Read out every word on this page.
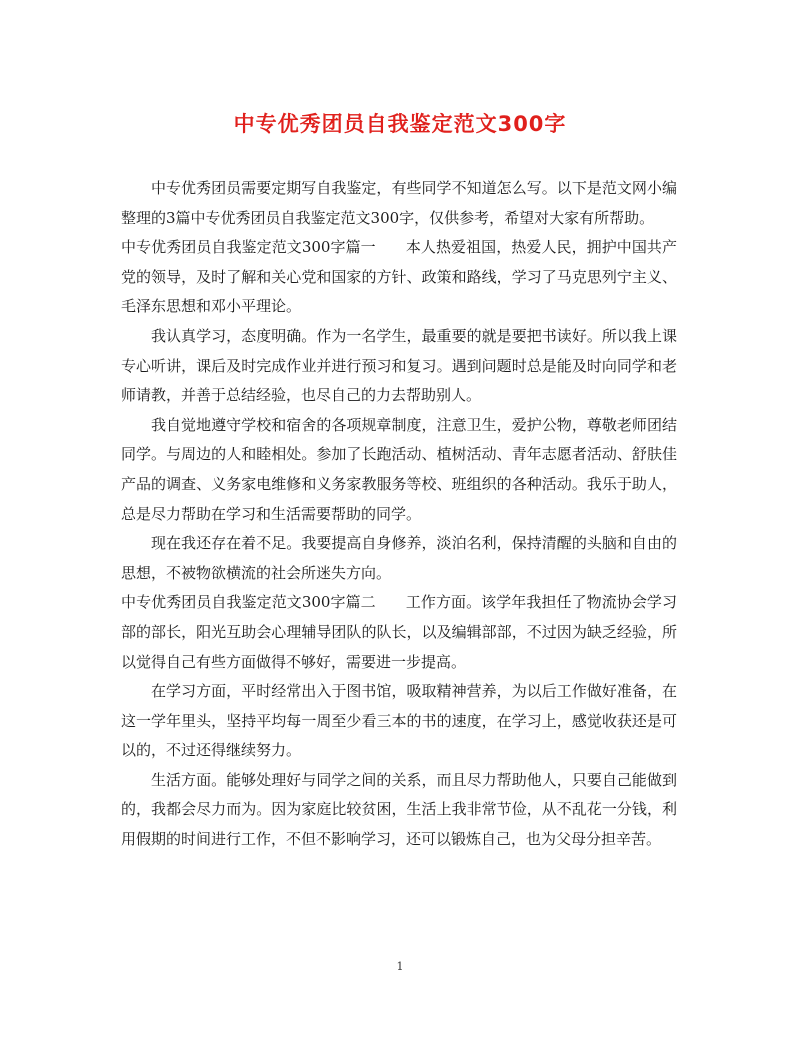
中专优秀团员自我鉴定范文300字

中专优秀团员需要定期写自我鉴定，有些同学不知道怎么写。以下是范文网小编整理的3篇中专优秀团员自我鉴定范文300字，仅供参考，希望对大家有所帮助。

中专优秀团员自我鉴定范文300字篇一 本人热爱祖国，热爱人民，拥护中国共产党的领导，及时了解和关心党和国家的方针、政策和路线，学习了马克思列宁主义、毛泽东思想和邓小平理论。

我认真学习，态度明确。作为一名学生，最重要的就是要把书读好。所以我上课专心听讲，课后及时完成作业并进行预习和复习。遇到问题时总是能及时向同学和老师请教，并善于总结经验，也尽自己的力去帮助别人。

我自觉地遵守学校和宿舍的各项规章制度，注意卫生，爱护公物，尊敬老师团结同学。与周边的人和睦相处。参加了长跑活动、植树活动、青年志愿者活动、舒肤佳产品的调查、义务家电维修和义务家教服务等校、班组织的各种活动。我乐于助人，总是尽力帮助在学习和生活需要帮助的同学。

现在我还存在着不足。我要提高自身修养，淡泊名利，保持清醒的头脑和自由的思想，不被物欲横流的社会所迷失方向。

中专优秀团员自我鉴定范文300字篇二 工作方面。该学年我担任了物流协会学习部的部长，阳光互助会心理辅导团队的队长，以及编辑部部，不过因为缺乏经验，所以觉得自己有些方面做得不够好，需要进一步提高。

在学习方面，平时经常出入于图书馆，吸取精神营养，为以后工作做好准备，在这一学年里头，坚持平均每一周至少看三本的书的速度，在学习上，感觉收获还是可以的，不过还得继续努力。

生活方面。能够处理好与同学之间的关系，而且尽力帮助他人，只要自己能做到的，我都会尽力而为。因为家庭比较贫困，生活上我非常节俭，从不乱花一分钱，利用假期的时间进行工作，不但不影响学习，还可以锻炼自己，也为父母分担辛苦。

1
